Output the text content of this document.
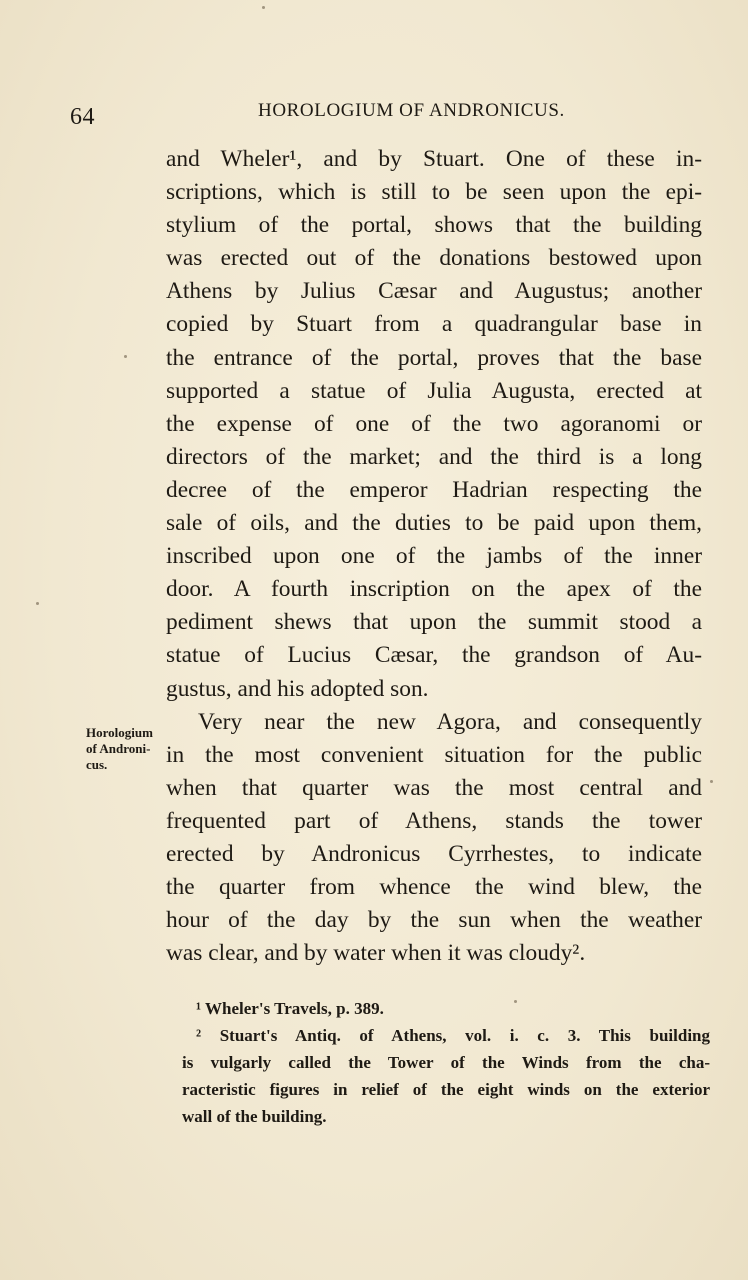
64	HOROLOGIUM OF ANDRONICUS.
and Wheler¹, and by Stuart. One of these in-
scriptions, which is still to be seen upon the epi-
stylium of the portal, shows that the building
was erected out of the donations bestowed upon
Athens by Julius Cæsar and Augustus; another
copied by Stuart from a quadrangular base in
the entrance of the portal, proves that the base
supported a statue of Julia Augusta, erected at
the expense of one of the two agoranomi or
directors of the market; and the third is a long
decree of the emperor Hadrian respecting the
sale of oils, and the duties to be paid upon them,
inscribed upon one of the jambs of the inner
door. A fourth inscription on the apex of the
pediment shews that upon the summit stood a
statue of Lucius Cæsar, the grandson of Au-
gustus, and his adopted son.
Very near the new Agora, and consequently
in the most convenient situation for the public
when that quarter was the most central and
frequented part of Athens, stands the tower
erected by Andronicus Cyrrhestes, to indicate
the quarter from whence the wind blew, the
hour of the day by the sun when the weather
was clear, and by water when it was cloudy².
Horologium
of Androni-
cus.
¹ Wheler's Travels, p. 389.
² Stuart's Antiq. of Athens, vol. i. c. 3. This building
is vulgarly called the Tower of the Winds from the cha-
racteristic figures in relief of the eight winds on the exterior
wall of the building.
